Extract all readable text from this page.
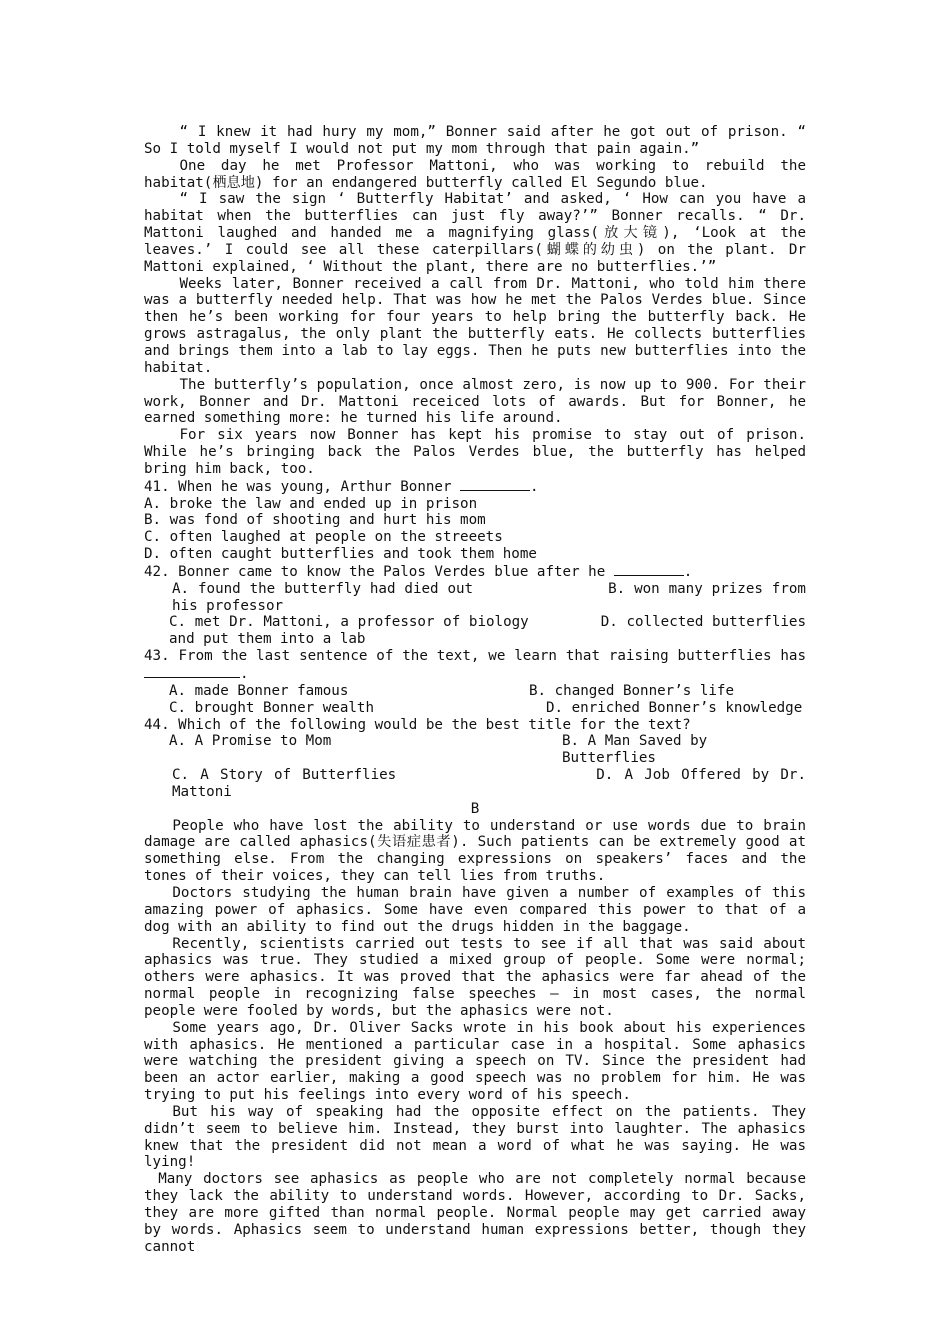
“ I knew it had hury my mom,” Bonner said after he got out of prison. “ So I told myself I would not put my mom through that pain again.”

One day he met Professor Mattoni, who was working to rebuild the habitat(栖息地) for an endangered butterfly called El Segundo blue.

“ I saw the sign ‘ Butterfly Habitat’ and asked, ‘ How can you have a habitat when the butterflies can just fly away?’” Bonner recalls. “ Dr. Mattoni laughed and handed me a magnifying glass(放大镜), ‘Look at the leaves.’ I could see all these caterpillars(蝴蝶的幼虫) on the plant. Dr Mattoni explained, ‘ Without the plant, there are no butterflies.’”

Weeks later, Bonner received a call from Dr. Mattoni, who told him there was a butterfly needed help. That was how he met the Palos Verdes blue. Since then he’s been working for four years to help bring the butterfly back. He grows astragalus, the only plant the butterfly eats. He collects butterflies and brings them into a lab to lay eggs. Then he puts new butterflies into the habitat.

The butterfly’s population, once almost zero, is now up to 900. For their work, Bonner and Dr. Mattoni receiced lots of awards. But for Bonner, he earned something more: he turned his life around.

For six years now Bonner has kept his promise to stay out of prison. While he’s bringing back the Palos Verdes blue, the butterfly has helped bring him back, too.

41. When he was young, Arthur Bonner	.
A. broke the law and ended up in prison
B. was fond of shooting and hurt his mom
C. often laughed at people on the streeets
D. often caught butterflies and took them home
42. Bonner came to know the Palos Verdes blue after he	.
A. found the butterfly had died out	B. won many prizes from his professor
C. met Dr. Mattoni, a professor of biology	D. collected butterflies and put them into a lab
43. From the last sentence of the text, we learn that raising butterflies has .
A. made Bonner famous	B. changed Bonner’s life
C. brought Bonner wealth	D. enriched Bonner’s knowledge
44. Which of the following would be the best title for the text?
A. A Promise to Mom	B. A Man Saved by Butterflies
C. A Story of Butterflies	D. A Job Offered by Dr. Mattoni
B

People who have lost the ability to understand or use words due to brain damage are called aphasics(失语症患者). Such patients can be extremely good at something else. From the changing expressions on speakers’ faces and the tones of their voices, they can tell lies from truths.

Doctors studying the human brain have given a number of examples of this amazing power of aphasics. Some have even compared this power to that of a dog with an ability to find out the drugs hidden in the baggage.

Recently, scientists carried out tests to see if all that was said about aphasics was true. They studied a mixed group of people. Some were normal; others were aphasics. It was proved that the aphasics were far ahead of the normal people in recognizing false speeches — in most cases, the normal people were fooled by words, but the aphasics were not.

Some years ago, Dr. Oliver Sacks wrote in his book about his experiences with aphasics. He mentioned a particular case in a hospital. Some aphasics were watching the president giving a speech on TV. Since the president had been an actor earlier, making a good speech was no problem for him. He was trying to put his feelings into every word of his speech.

But his way of speaking had the opposite effect on the patients. They didn’t seem to believe him. Instead, they burst into laughter. The aphasics knew that the president did not mean a word of what he was saying. He was lying!

Many doctors see aphasics as people who are not completely normal because they lack the ability to understand words. However, according to Dr. Sacks, they are more gifted than normal people. Normal people may get carried away by words. Aphasics seem to understand human expressions better, though they cannot
